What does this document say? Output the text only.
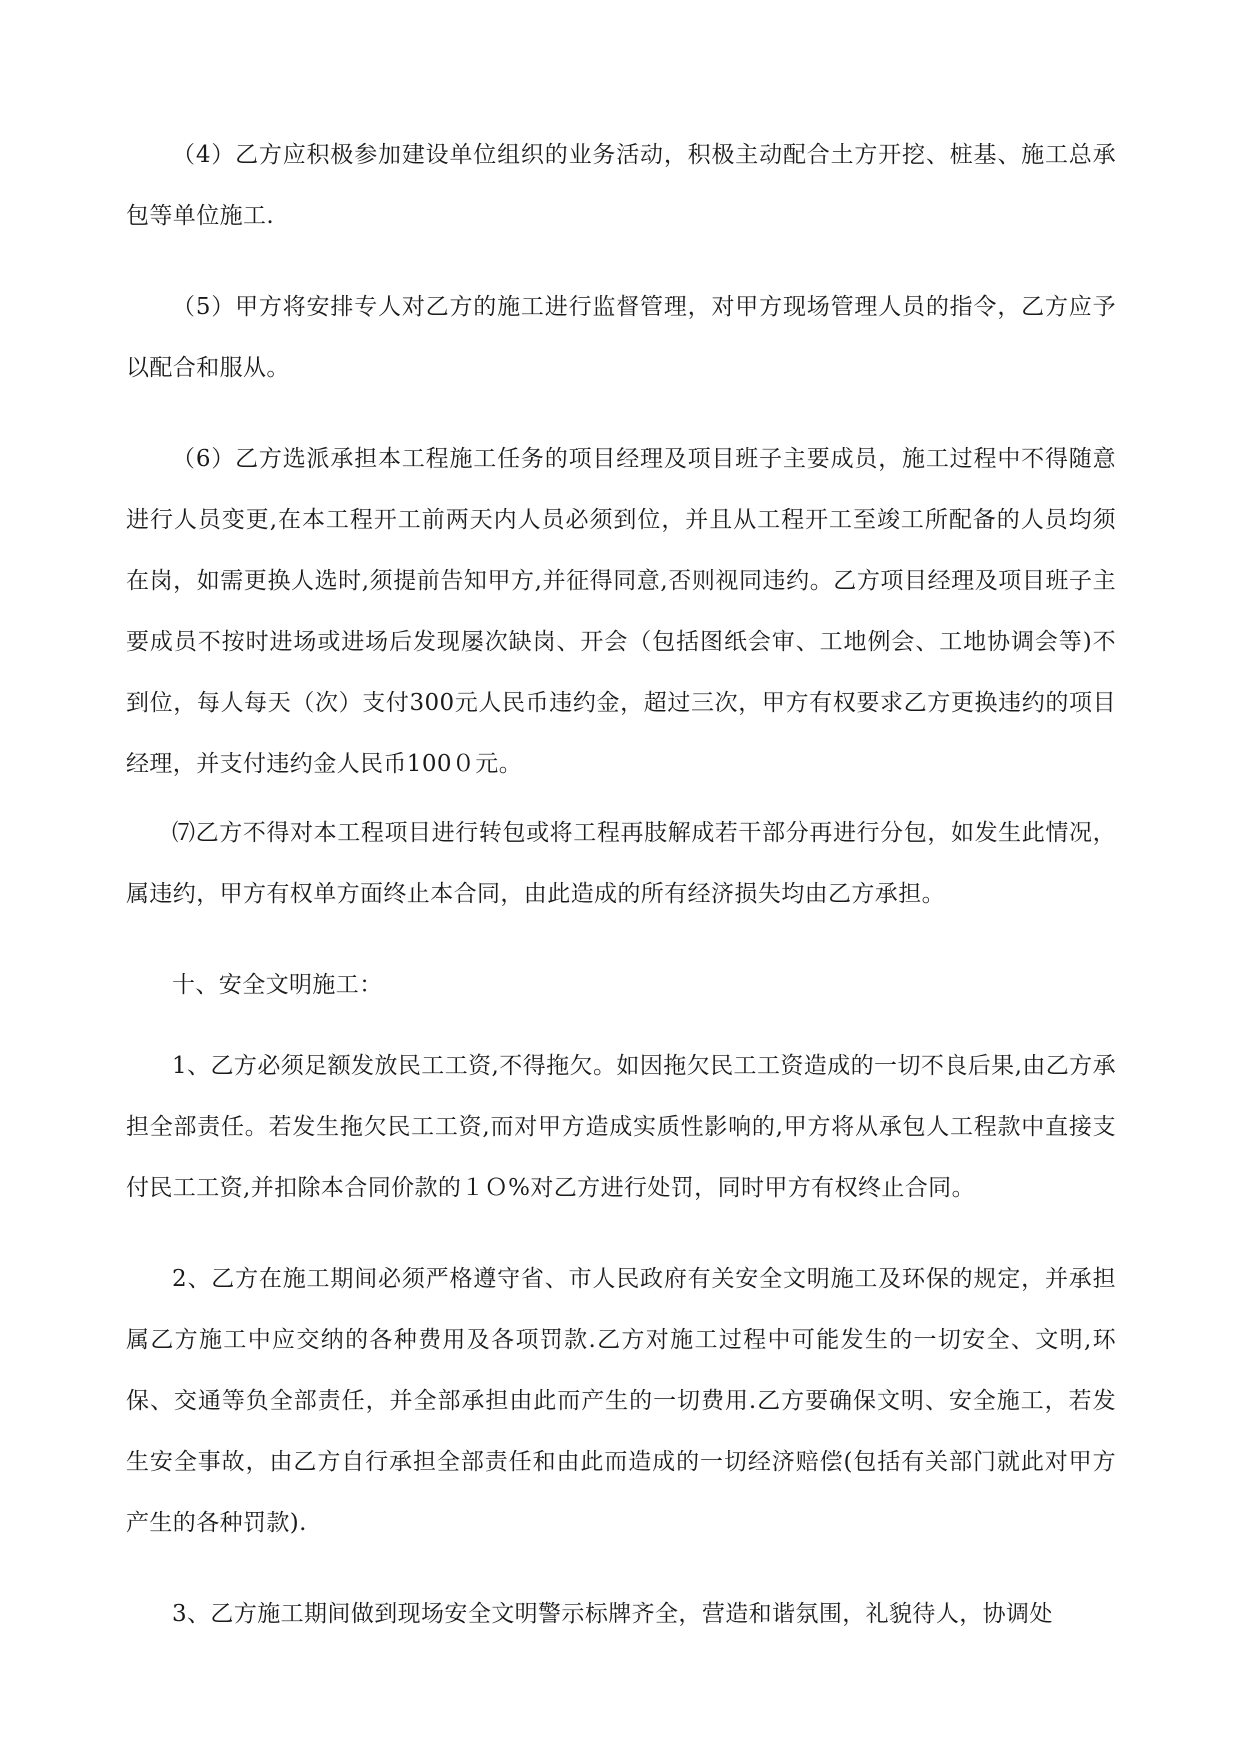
（4）乙方应积极参加建设单位组织的业务活动，积极主动配合土方开挖、桩基、施工总承包等单位施工.

（5）甲方将安排专人对乙方的施工进行监督管理，对甲方现场管理人员的指令，乙方应予以配合和服从。

（6）乙方选派承担本工程施工任务的项目经理及项目班子主要成员，施工过程中不得随意进行人员变更,在本工程开工前两天内人员必须到位，并且从工程开工至竣工所配备的人员均须在岗，如需更换人选时,须提前告知甲方,并征得同意,否则视同违约。乙方项目经理及项目班子主要成员不按时进场或进场后发现屡次缺岗、开会（包括图纸会审、工地例会、工地协调会等)不到位，每人每天（次）支付300元人民币违约金，超过三次，甲方有权要求乙方更换违约的项目经理，并支付违约金人民币100０元。

⑺乙方不得对本工程项目进行转包或将工程再肢解成若干部分再进行分包，如发生此情况，属违约，甲方有权单方面终止本合同，由此造成的所有经济损失均由乙方承担。

十、安全文明施工：

1、乙方必须足额发放民工工资,不得拖欠。如因拖欠民工工资造成的一切不良后果,由乙方承担全部责任。若发生拖欠民工工资,而对甲方造成实质性影响的,甲方将从承包人工程款中直接支付民工工资,并扣除本合同价款的１Ｏ%对乙方进行处罚，同时甲方有权终止合同。

2、乙方在施工期间必须严格遵守省、市人民政府有关安全文明施工及环保的规定，并承担属乙方施工中应交纳的各种费用及各项罚款.乙方对施工过程中可能发生的一切安全、文明,环保、交通等负全部责任，并全部承担由此而产生的一切费用.乙方要确保文明、安全施工，若发生安全事故，由乙方自行承担全部责任和由此而造成的一切经济赔偿(包括有关部门就此对甲方产生的各种罚款).

3、乙方施工期间做到现场安全文明警示标牌齐全，营造和谐氛围，礼貌待人，协调处
